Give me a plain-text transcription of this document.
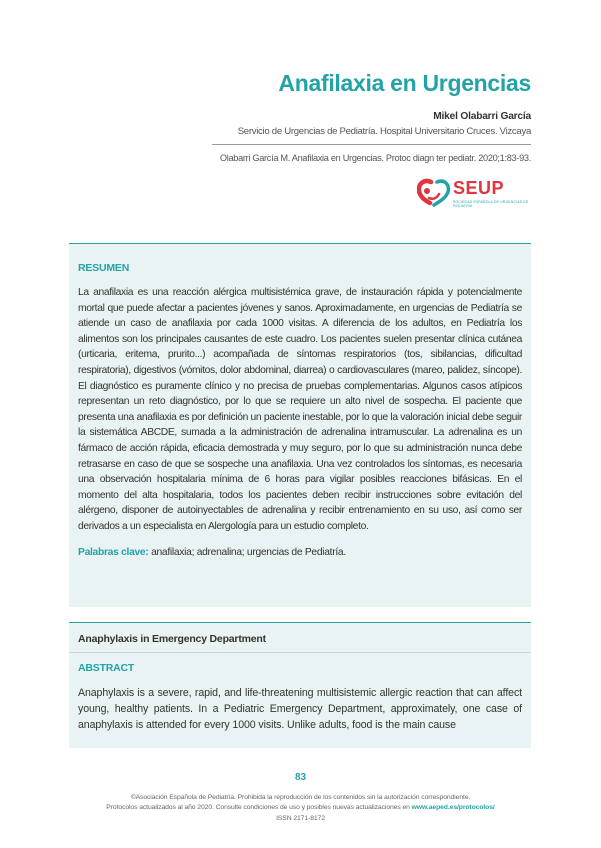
Anafilaxia en Urgencias
Mikel Olabarri García
Servicio de Urgencias de Pediatría. Hospital Universitario Cruces. Vizcaya
Olabarri García M. Anafilaxia en Urgencias. Protoc diagn ter pediatr. 2020;1:83-93.
SEUP
SOCIEDAD ESPAÑOLA DE URGENCIAS DE PEDIATRÍA
RESUMEN

La anafilaxia es una reacción alérgica multisistémica grave, de instauración rápida y potencialmente mortal que puede afectar a pacientes jóvenes y sanos. Aproximadamente, en urgencias de Pediatría se atiende un caso de anafilaxia por cada 1000 visitas. A diferencia de los adultos, en Pediatría los alimentos son los principales causantes de este cuadro. Los pacientes suelen presentar clínica cutánea (urticaria, eritema, prurito...) acompañada de síntomas respiratorios (tos, sibilancias, dificultad respiratoria), digestivos (vómitos, dolor abdominal, diarrea) o cardiovasculares (mareo, palidez, síncope). El diagnóstico es puramente clínico y no precisa de pruebas complementarias. Algunos casos atípicos representan un reto diagnóstico, por lo que se requiere un alto nivel de sospecha. El paciente que presenta una anafilaxia es por definición un paciente inestable, por lo que la valoración inicial debe seguir la sistemática ABCDE, sumada a la administración de adrenalina intramuscular. La adrenalina es un fármaco de acción rápida, eficacia demostrada y muy seguro, por lo que su administración nunca debe retrasarse en caso de que se sospeche una anafilaxia. Una vez controlados los síntomas, es necesaria una observación hospitalaria mínima de 6 horas para vigilar posibles reacciones bifásicas. En el momento del alta hospitalaria, todos los pacientes deben recibir instrucciones sobre evitación del alérgeno, disponer de autoinyectables de adrenalina y recibir entrenamiento en su uso, así como ser derivados a un especialista en Alergología para un estudio completo.

Palabras clave: anafilaxia; adrenalina; urgencias de Pediatría.

Anaphylaxis in Emergency Department
ABSTRACT

Anaphylaxis is a severe, rapid, and life-threatening multisistemic allergic reaction that can affect young, healthy patients. In a Pediatric Emergency Department, approximately, one case of anaphylaxis is attended for every 1000 visits. Unlike adults, food is the main cause

83
©Asociación Española de Pediatría. Prohibida la reproducción de los contenidos sin la autorización correspondiente.
Protocolos actualizados al año 2020. Consulte condiciones de uso y posibles nuevas actualizaciones en www.aeped.es/protocolos/
ISSN 2171-8172
